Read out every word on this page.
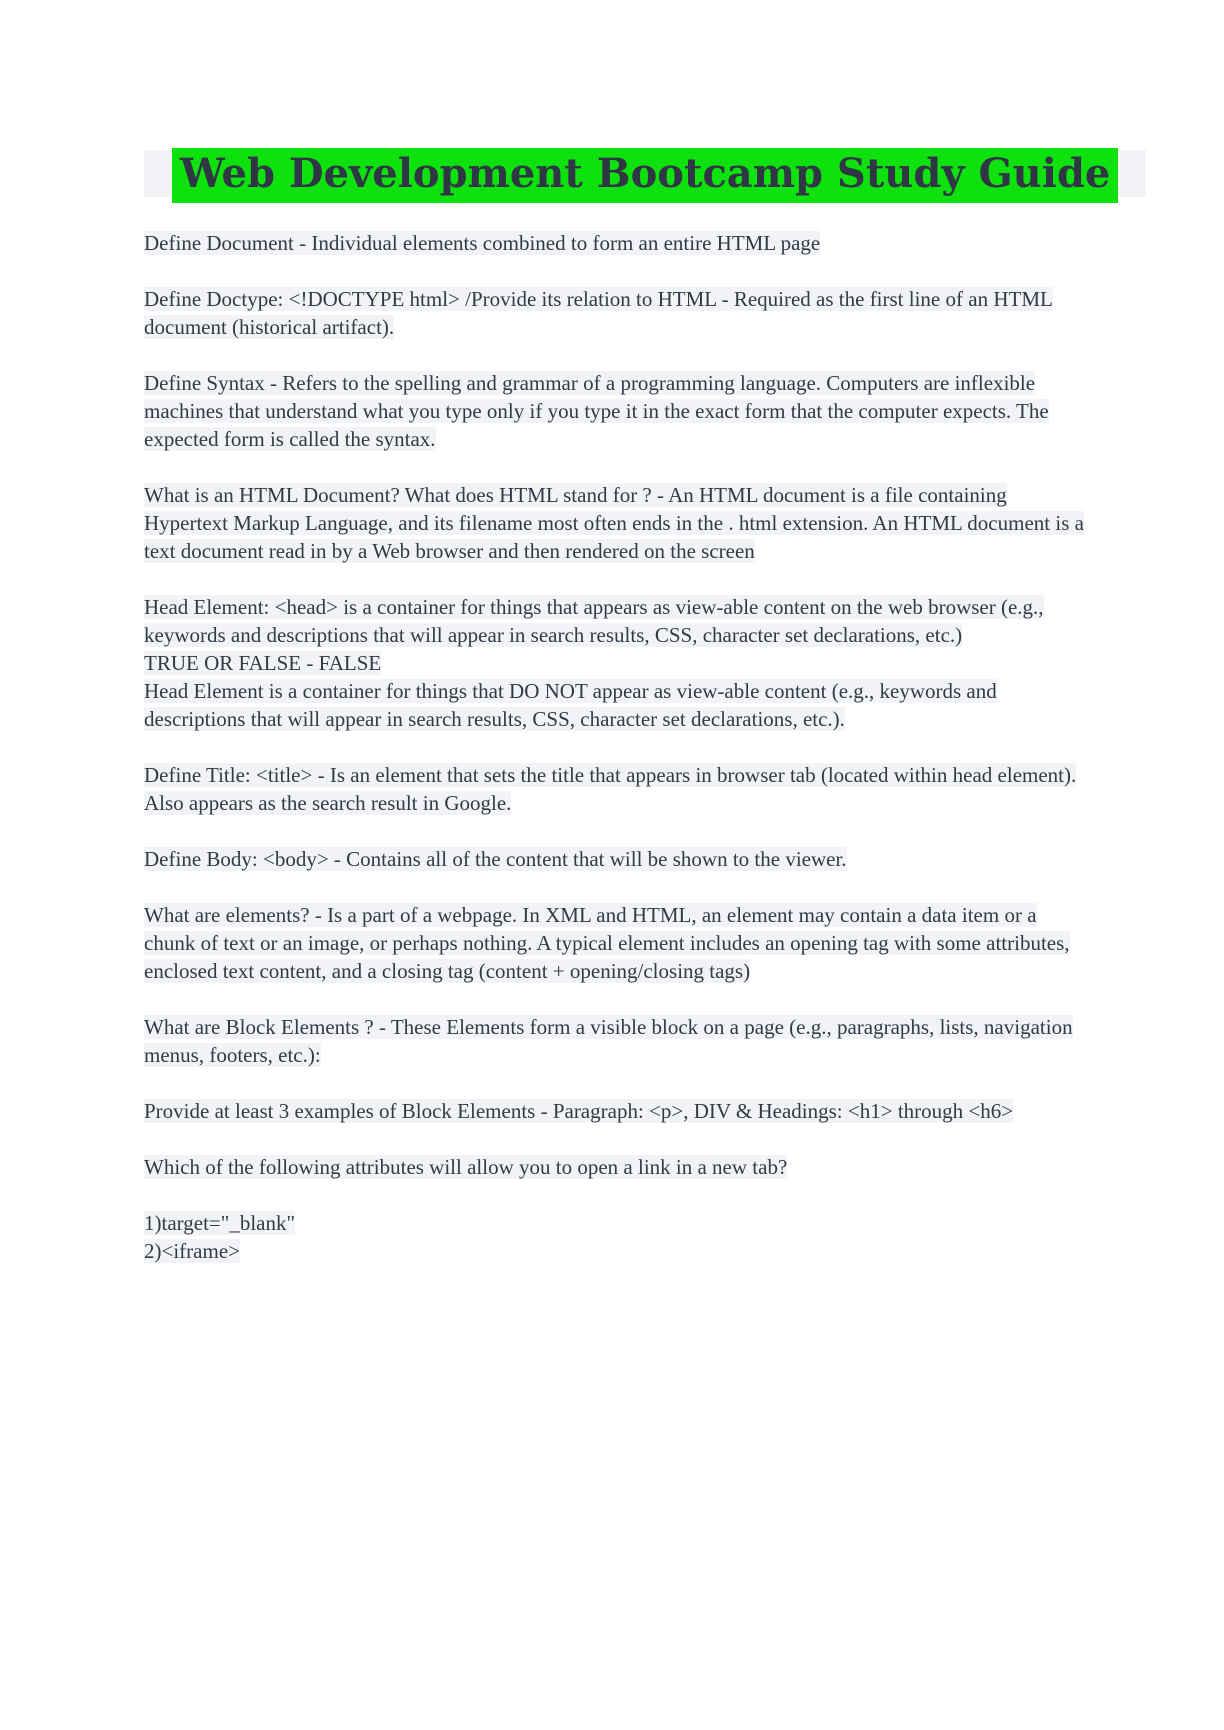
Web Development Bootcamp Study Guide

Define Document - Individual elements combined to form an entire HTML page

Define Doctype: <!DOCTYPE html> /Provide its relation to HTML - Required as the first line of an HTML document (historical artifact).

Define Syntax - Refers to the spelling and grammar of a programming language. Computers are inflexible machines that understand what you type only if you type it in the exact form that the computer expects. The expected form is called the syntax.

What is an HTML Document? What does HTML stand for ? - An HTML document is a file containing Hypertext Markup Language, and its filename most often ends in the . html extension. An HTML document is a text document read in by a Web browser and then rendered on the screen

Head Element: <head> is a container for things that appears as view-able content on the web browser (e.g., keywords and descriptions that will appear in search results, CSS, character set declarations, etc.)
TRUE OR FALSE - FALSE
Head Element is a container for things that DO NOT appear as view-able content (e.g., keywords and descriptions that will appear in search results, CSS, character set declarations, etc.).

Define Title: <title> - Is an element that sets the title that appears in browser tab (located within head element). Also appears as the search result in Google.

Define Body: <body> - Contains all of the content that will be shown to the viewer.

What are elements? - Is a part of a webpage. In XML and HTML, an element may contain a data item or a chunk of text or an image, or perhaps nothing. A typical element includes an opening tag with some attributes, enclosed text content, and a closing tag (content + opening/closing tags)

What are Block Elements ? - These Elements form a visible block on a page (e.g., paragraphs, lists, navigation menus, footers, etc.):

Provide at least 3 examples of Block Elements - Paragraph: <p>, DIV & Headings: <h1> through <h6>

Which of the following attributes will allow you to open a link in a new tab?

1)target="_blank"
2)<iframe>
